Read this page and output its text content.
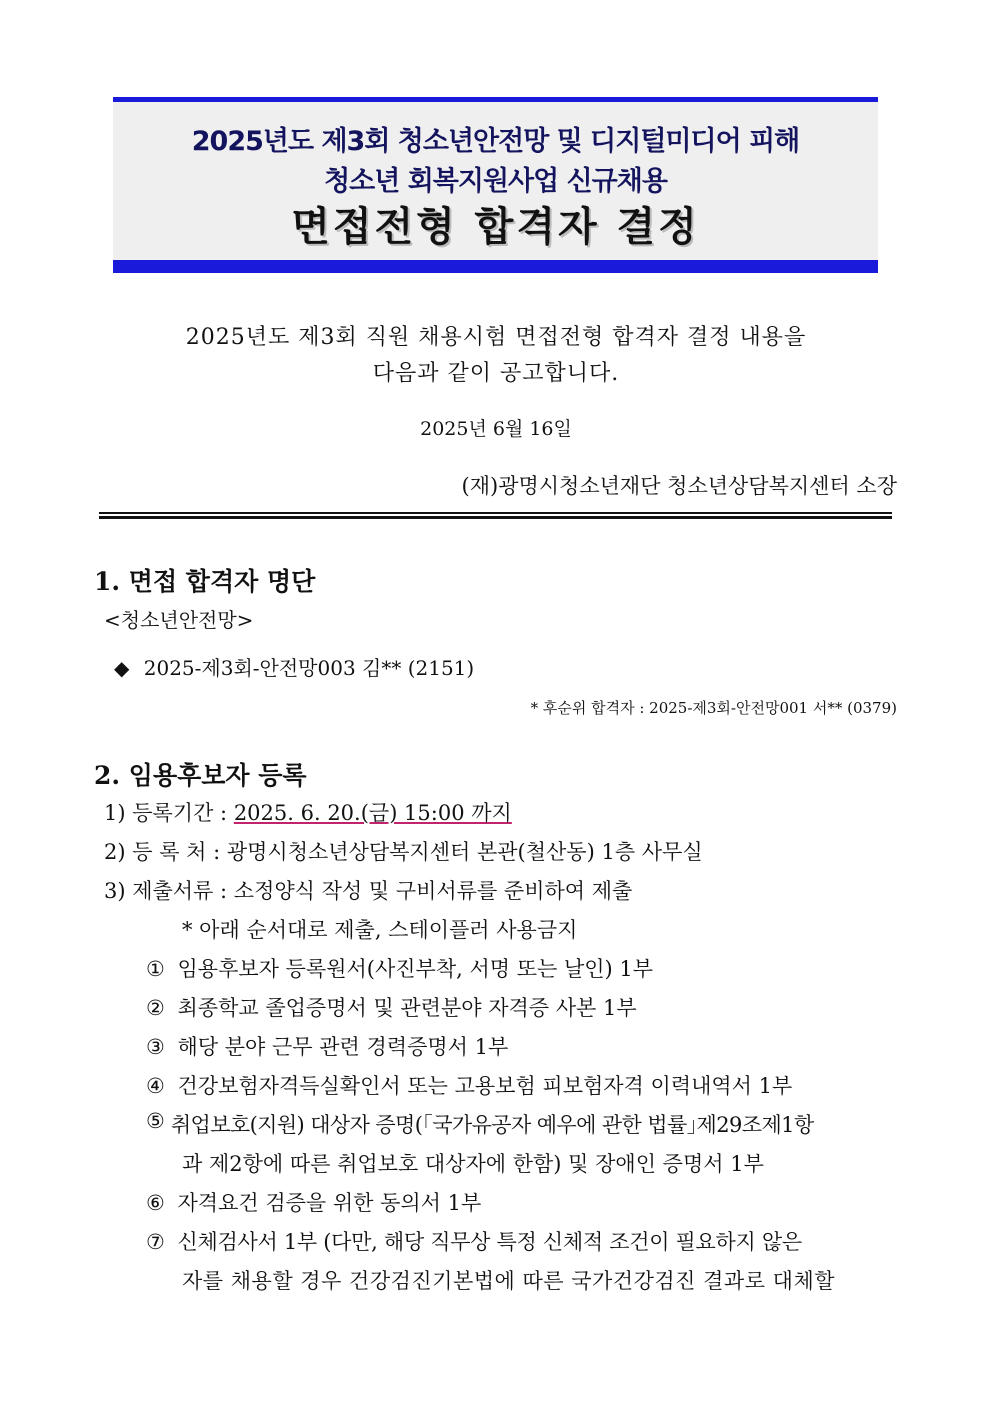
2025년도 제3회 청소년안전망 및 디지털미디어 피해
청소년 회복지원사업 신규채용
면접전형 합격자 결정
2025년도 제3회 직원 채용시험 면접전형 합격자 결정 내용을
다음과 같이 공고합니다.
2025년 6월 16일
(재)광명시청소년재단 청소년상담복지센터 소장
1. 면접 합격자 명단
<청소년안전망>
◆ 2025-제3회-안전망003 김** (2151)
* 후순위 합격자 : 2025-제3회-안전망001 서** (0379)
2. 임용후보자 등록
1) 등록기간 : 2025. 6. 20.(금) 15:00 까지
2) 등 록 처 : 광명시청소년상담복지센터 본관(철산동) 1층 사무실
3) 제출서류 : 소정양식 작성 및 구비서류를 준비하여 제출
* 아래 순서대로 제출, 스테이플러 사용금지
① 임용후보자 등록원서(사진부착, 서명 또는 날인) 1부
② 최종학교 졸업증명서 및 관련분야 자격증 사본 1부
③ 해당 분야 근무 관련 경력증명서 1부
④ 건강보험자격득실확인서 또는 고용보험 피보험자격 이력내역서 1부
⑤ 취업보호(지원) 대상자 증명(｢국가유공자 예우에 관한 법률｣제29조제1항
과 제2항에 따른 취업보호 대상자에 한함) 및 장애인 증명서 1부
⑥ 자격요건 검증을 위한 동의서 1부
⑦ 신체검사서 1부 (다만, 해당 직무상 특정 신체적 조건이 필요하지 않은
자를 채용할 경우 건강검진기본법에 따른 국가건강검진 결과로 대체할
